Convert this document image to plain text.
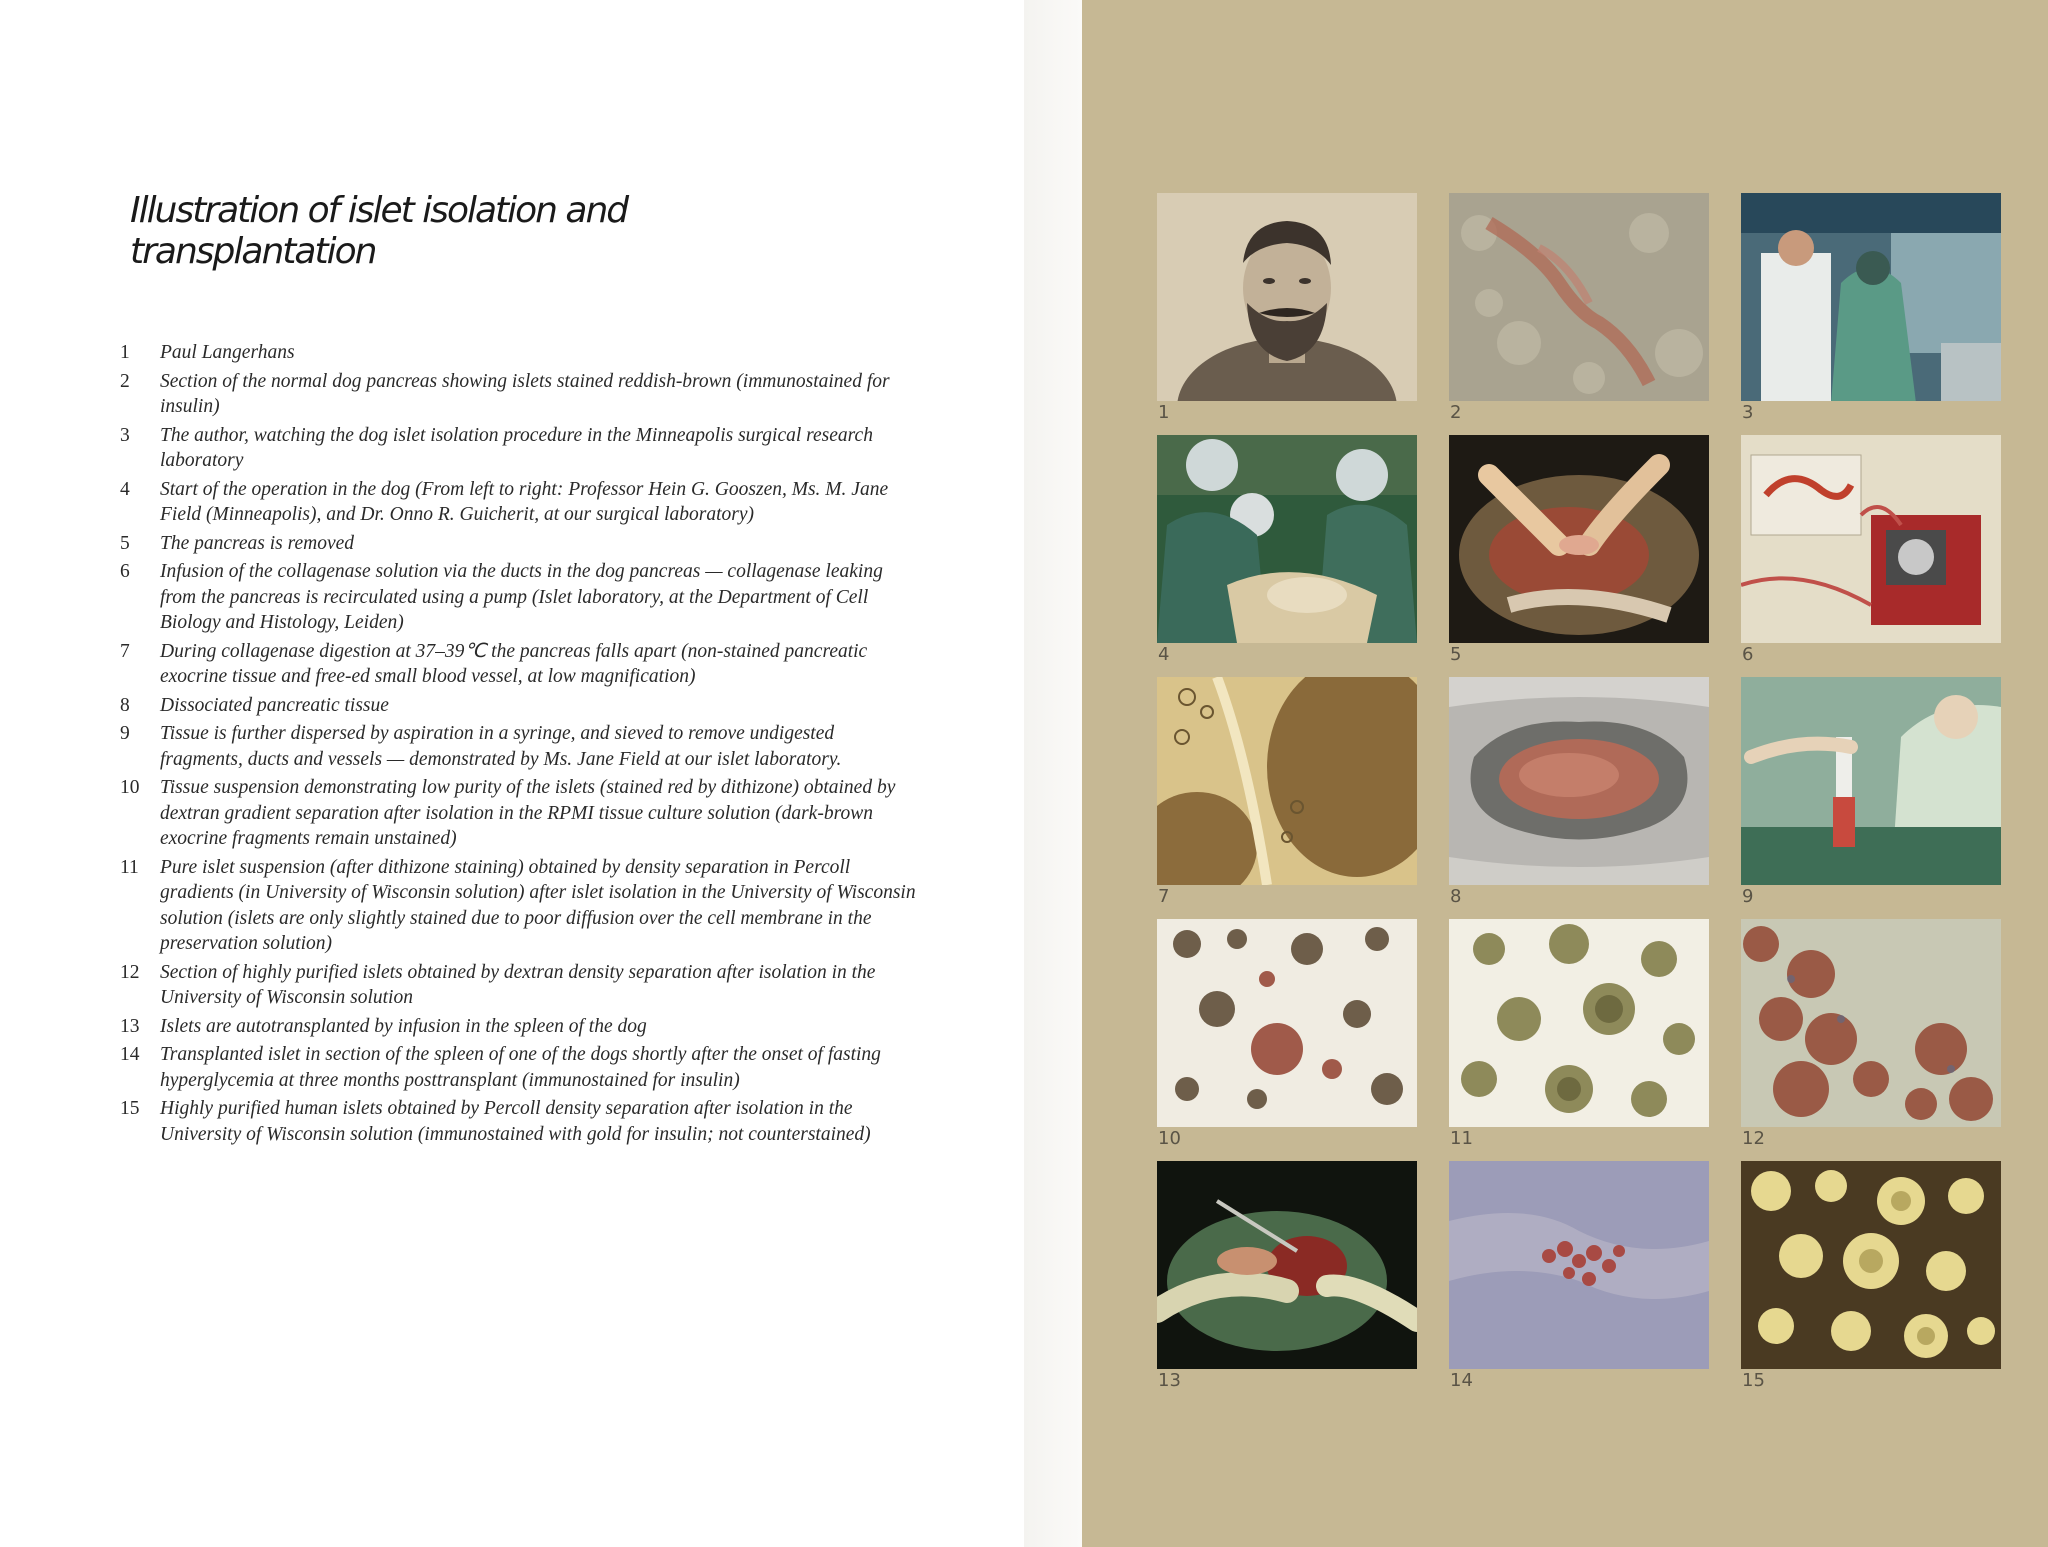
Illustration of islet isolation and
transplantation
1	Paul Langerhans
2	Section of the normal dog pancreas showing islets stained reddish-brown (immunostained for insulin)
3	The author, watching the dog islet isolation procedure in the Minneapolis surgical research laboratory
4	Start of the operation in the dog (From left to right: Professor Hein G. Gooszen, Ms. M. Jane Field (Minneapolis), and Dr. Onno R. Guicherit, at our surgical laboratory)
5	The pancreas is removed
6	Infusion of the collagenase solution via the ducts in the dog pancreas — collagenase leaking from the pancreas is recirculated using a pump (Islet laboratory, at the Department of Cell Biology and Histology, Leiden)
7	During collagenase digestion at 37–39℃ the pancreas falls apart (non-stained pancreatic exocrine tissue and free-ed small blood vessel, at low magnification)
8	Dissociated pancreatic tissue
9	Tissue is further dispersed by aspiration in a syringe, and sieved to remove undigested fragments, ducts and vessels — demonstrated by Ms. Jane Field at our islet laboratory.
10	Tissue suspension demonstrating low purity of the islets (stained red by dithizone) obtained by dextran gradient separation after isolation in the RPMI tissue culture solution (dark-brown exocrine fragments remain unstained)
11	Pure islet suspension (after dithizone staining) obtained by density separation in Percoll gradients (in University of Wisconsin solution) after islet isolation in the University of Wisconsin solution (islets are only slightly stained due to poor diffusion over the cell membrane in the preservation solution)
12	Section of highly purified islets obtained by dextran density separation after isolation in the University of Wisconsin solution
13	Islets are autotransplanted by infusion in the spleen of the dog
14	Transplanted islet in section of the spleen of one of the dogs shortly after the onset of fasting hyperglycemia at three months posttransplant (immunostained for insulin)
15	Highly purified human islets obtained by Percoll density separation after isolation in the University of Wisconsin solution (immunostained with gold for insulin; not counterstained)
1	2	3
4	5	6
7	8	9
10	11	12
13	14	15
